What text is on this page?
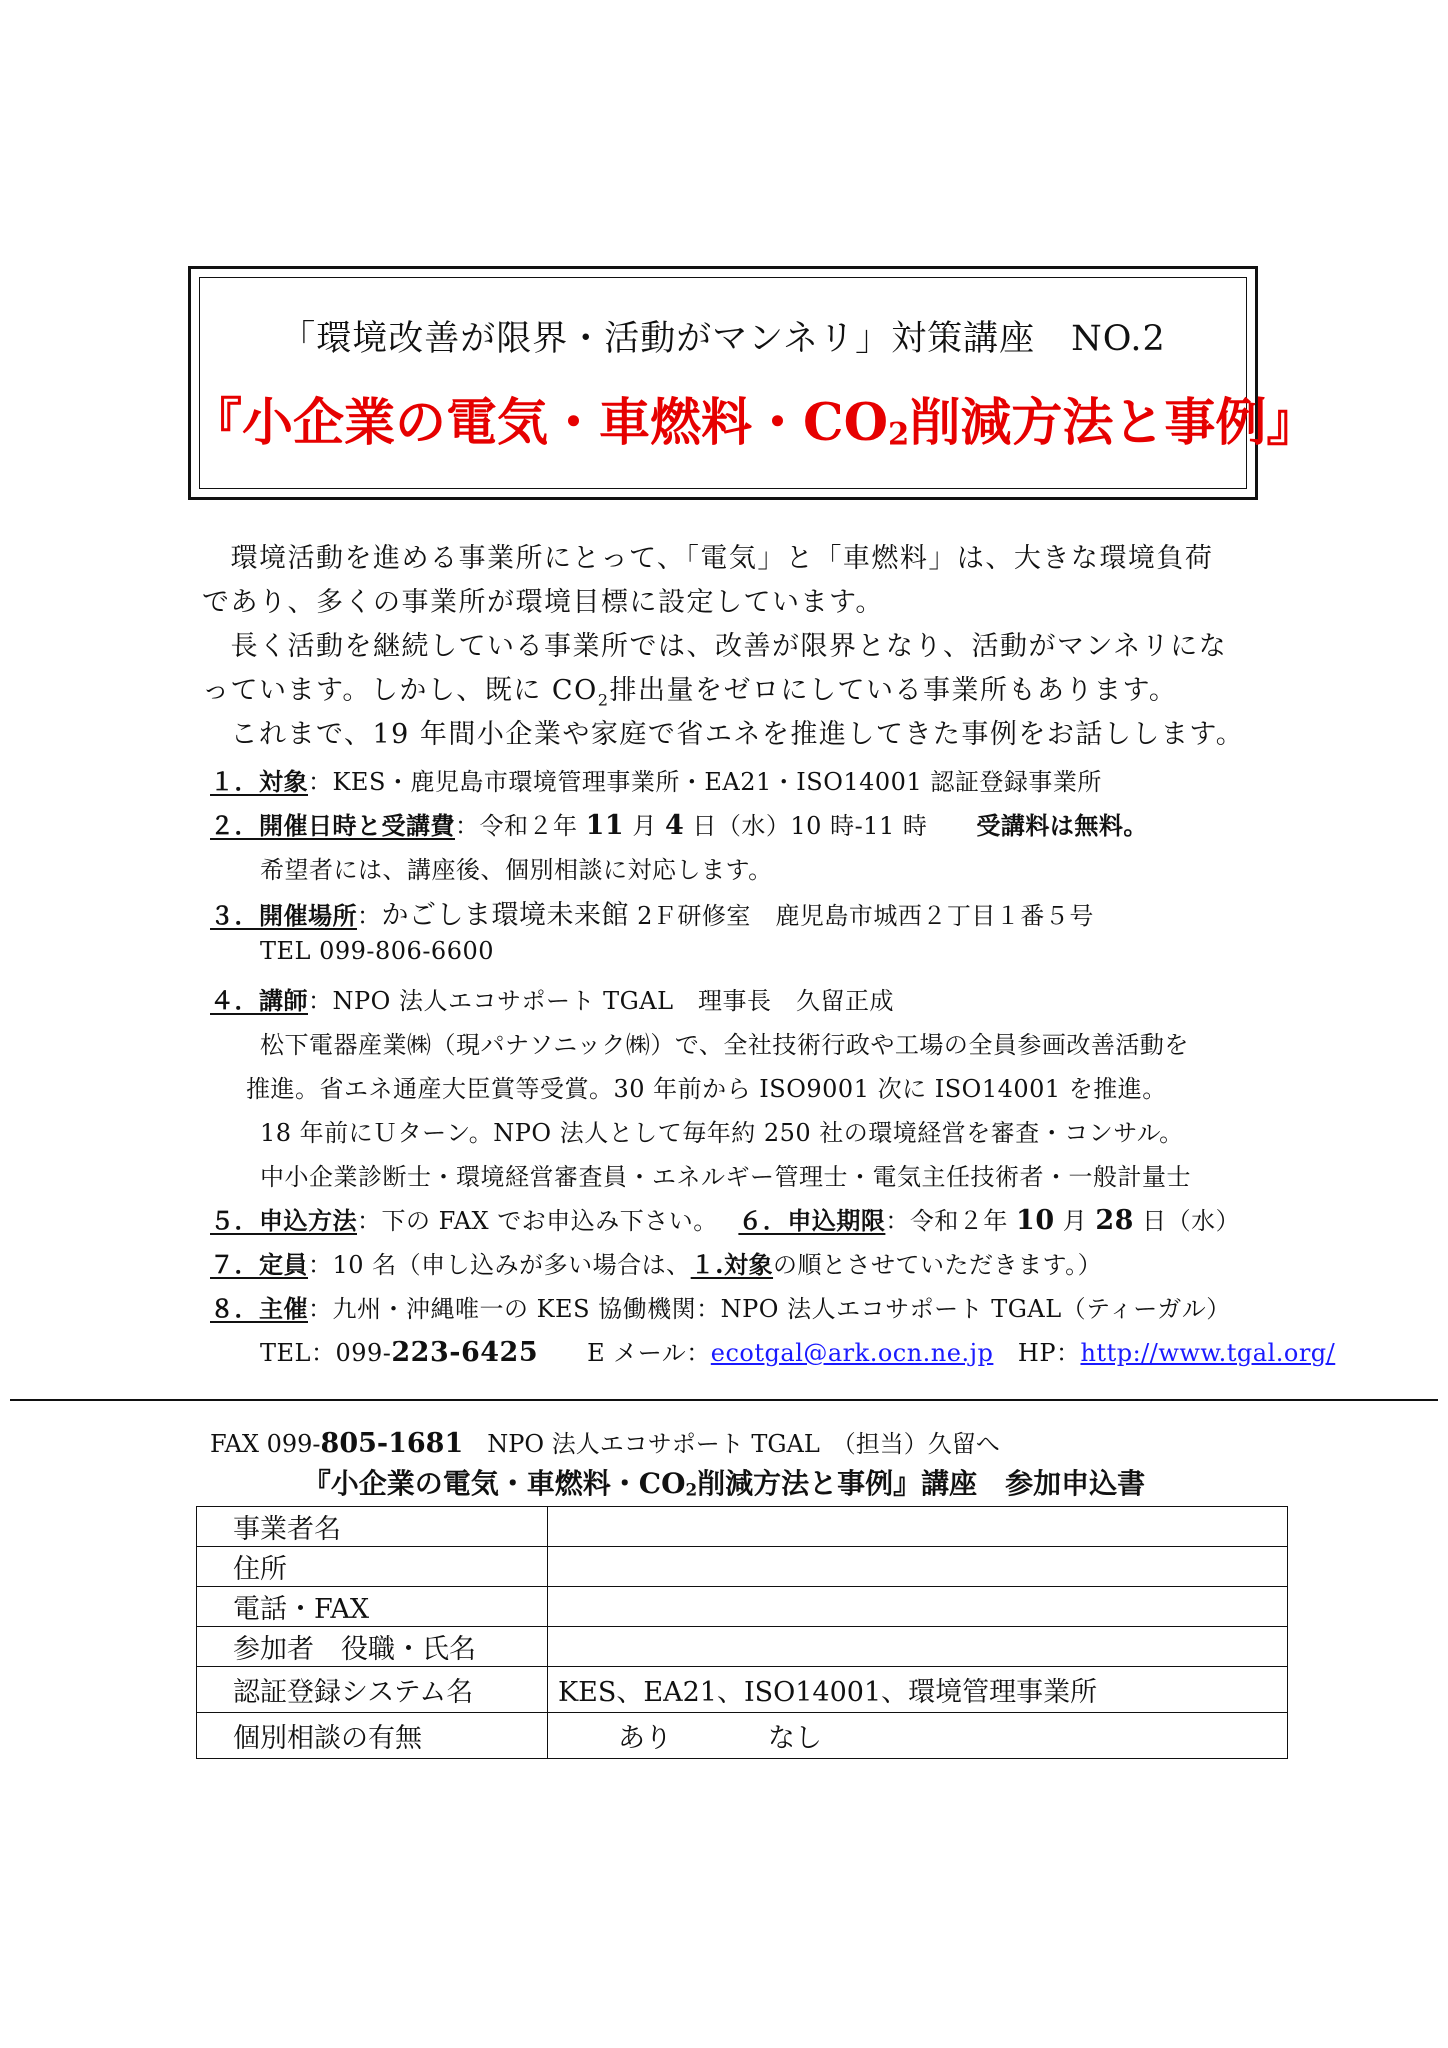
「環境改善が限界・活動がマンネリ」対策講座　NO.2
『小企業の電気・車燃料・$CO_2$削減方法と事例』
　環境活動を進める事業所にとって、「電気」と「車燃料」は、大きな環境負荷
であり、多くの事業所が環境目標に設定しています。
　長く活動を継続している事業所では、改善が限界となり、活動がマンネリにな
っています。しかし、既に $CO_2$排出量をゼロにしている事業所もあります。
　これまで、19 年間小企業や家庭で省エネを推進してきた事例をお話しします。
１．対象：KES・鹿児島市環境管理事業所・EA21・ISO14001 認証登録事業所
２．開催日時と受講費：令和２年 11 月 4 日（水）10 時-11 時　　受講料は無料。
希望者には、講座後、個別相談に対応します。
３．開催場所：かごしま環境未来館 2Ｆ研修室　鹿児島市城西２丁目１番５号
TEL 099-806-6600
４．講師：NPO 法人エコサポート TGAL　理事長　久留正成
松下電器産業㈱（現パナソニック㈱）で、全社技術行政や工場の全員参画改善活動を
推進。省エネ通産大臣賞等受賞。30 年前から ISO9001 次に ISO14001 を推進。
18 年前にＵターン。NPO 法人として毎年約 250 社の環境経営を審査・コンサル。
中小企業診断士・環境経営審査員・エネルギー管理士・電気主任技術者・一般計量士
５．申込方法：下の FAX でお申込み下さい。　 ６．申込期限：令和２年 10 月 28 日（水）
７．定員：10 名（申し込みが多い場合は、１.対象の順とさせていただきます。）
８．主催：九州・沖縄唯一の KES 協働機関：NPO 法人エコサポート TGAL（ティーガル）
TEL：099-223-6425　　E メール：ecotgal@ark.ocn.ne.jp　HP：http://www.tgal.org/
FAX 099-805-1681　NPO 法人エコサポート TGAL　（担当）久留へ
『小企業の電気・車燃料・$CO_2$削減方法と事例』講座　参加申込書
事業者名	
住所	
電話・FAX	
参加者　役職・氏名	
認証登録システム名	KES、EA21、ISO14001、環境管理事業所
個別相談の有無	あり なし
